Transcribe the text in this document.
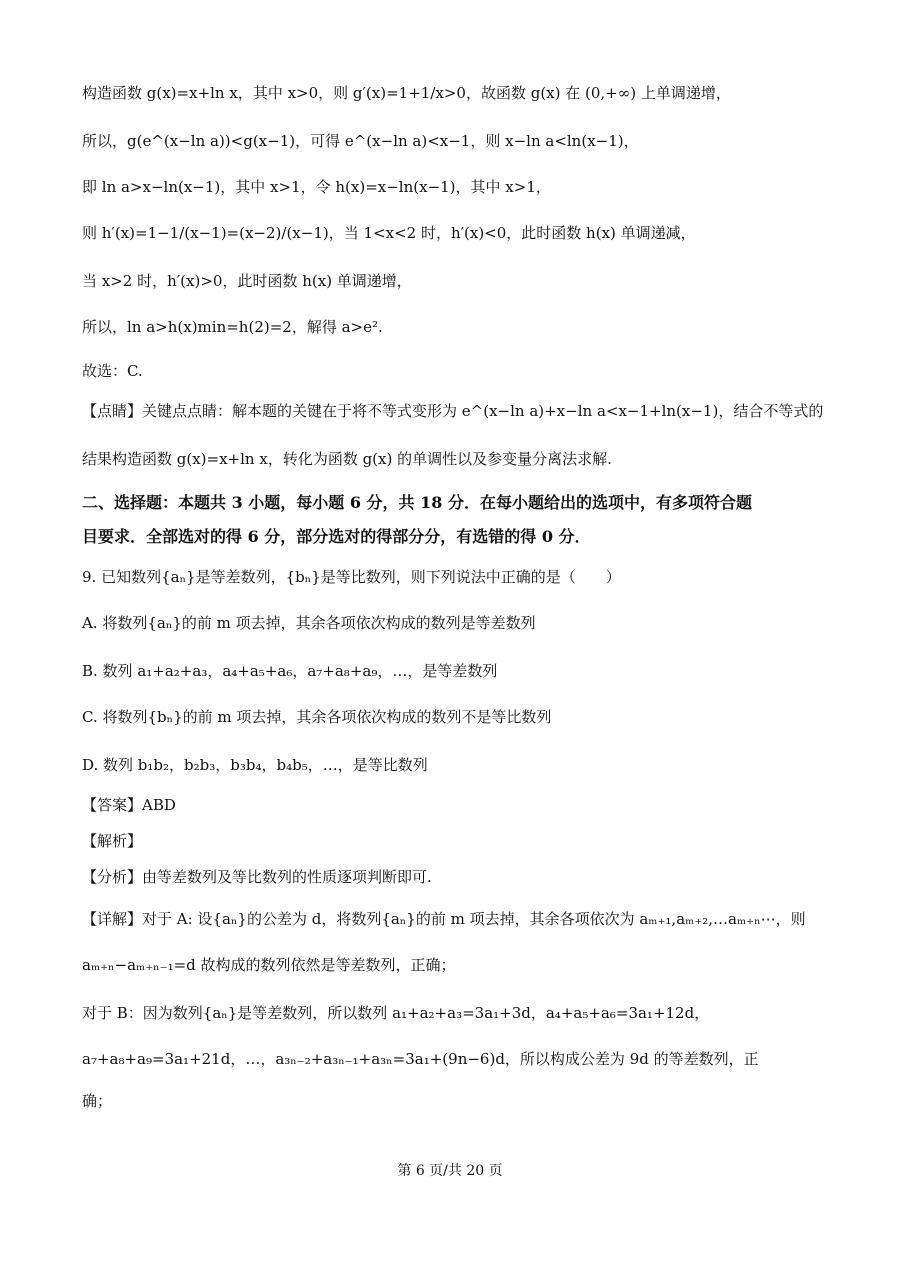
构造函数 g(x)=x+ln x，其中 x>0，则 g′(x)=1+1/x>0，故函数 g(x) 在 (0,+∞) 上单调递增，
所以，g(e^(x−ln a))<g(x−1)，可得 e^(x−ln a)<x−1，则 x−ln a<ln(x−1)，
即 ln a>x−ln(x−1)，其中 x>1，令 h(x)=x−ln(x−1)，其中 x>1，
则 h′(x)=1−1/(x−1)=(x−2)/(x−1)，当 1<x<2 时，h′(x)<0，此时函数 h(x) 单调递减，
当 x>2 时，h′(x)>0，此时函数 h(x) 单调递增，
所以，ln a>h(x)min=h(2)=2，解得 a>e².
故选：C.
【点睛】关键点点睛：解本题的关键在于将不等式变形为 e^(x−ln a)+x−ln a<x−1+ln(x−1)，结合不等式的
结果构造函数 g(x)=x+ln x，转化为函数 g(x) 的单调性以及参变量分离法求解.
二、选择题：本题共 3 小题，每小题 6 分，共 18 分．在每小题给出的选项中，有多项符合题
目要求．全部选对的得 6 分，部分选对的得部分分，有选错的得 0 分．
9. 已知数列{aₙ}是等差数列，{bₙ}是等比数列，则下列说法中正确的是（　　）
A. 将数列{aₙ}的前 m 项去掉，其余各项依次构成的数列是等差数列
B. 数列 a₁+a₂+a₃，a₄+a₅+a₆，a₇+a₈+a₉，…，是等差数列
C. 将数列{bₙ}的前 m 项去掉，其余各项依次构成的数列不是等比数列
D. 数列 b₁b₂，b₂b₃，b₃b₄，b₄b₅，…，是等比数列
【答案】ABD
【解析】
【分析】由等差数列及等比数列的性质逐项判断即可.
【详解】对于 A: 设{aₙ}的公差为 d，将数列{aₙ}的前 m 项去掉，其余各项依次为 aₘ₊₁,aₘ₊₂,…aₘ₊ₙ⋯，则
aₘ₊ₙ−aₘ₊ₙ₋₁=d 故构成的数列依然是等差数列，正确；
对于 B：因为数列{aₙ}是等差数列，所以数列 a₁+a₂+a₃=3a₁+3d，a₄+a₅+a₆=3a₁+12d，
a₇+a₈+a₉=3a₁+21d，…，a₃ₙ₋₂+a₃ₙ₋₁+a₃ₙ=3a₁+(9n−6)d，所以构成公差为 9d 的等差数列，正
确；
第 6 页/共 20 页
